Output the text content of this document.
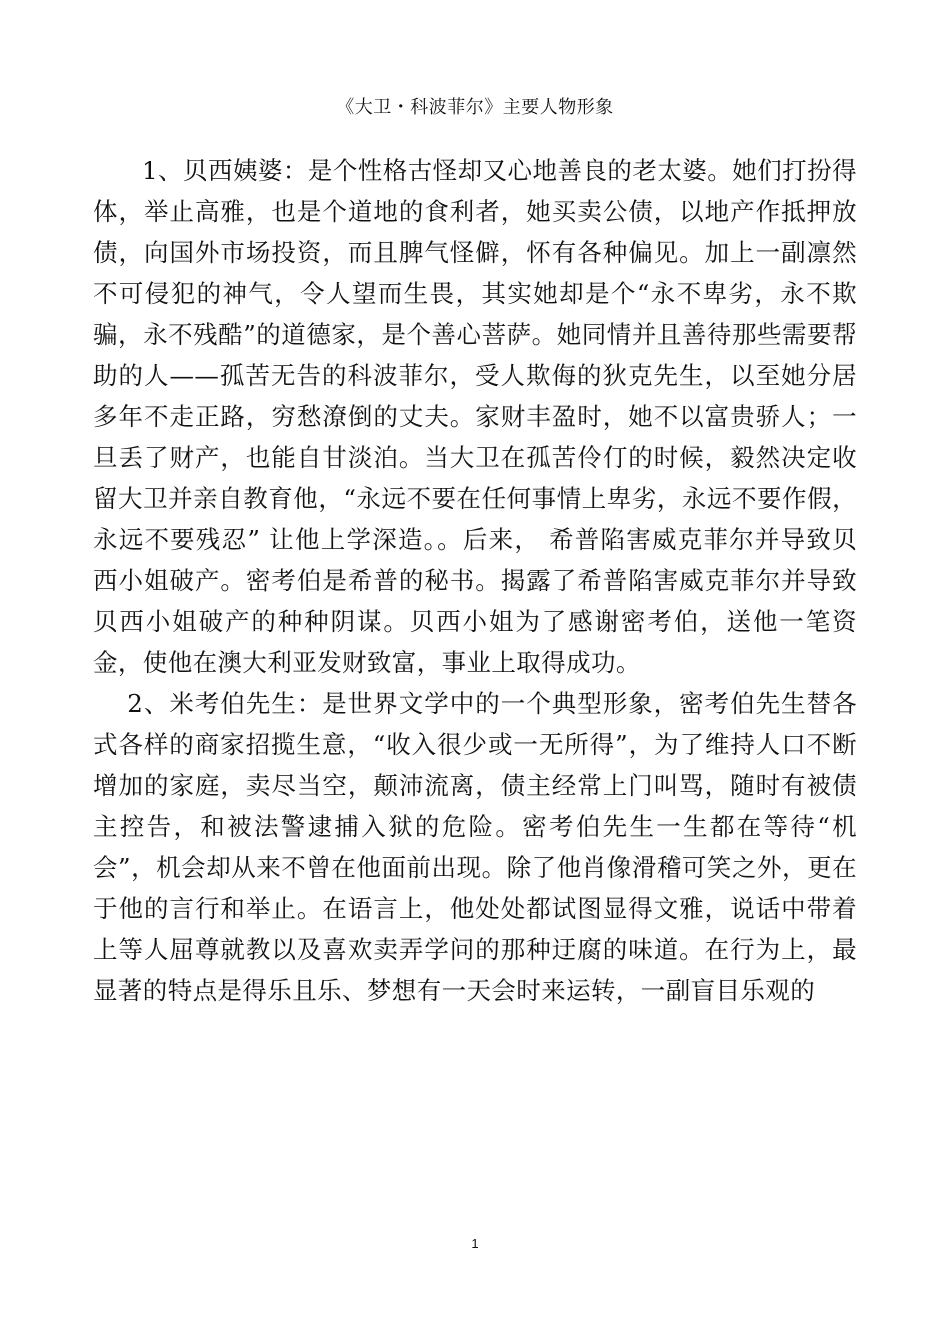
《大卫・科波菲尔》主要人物形象

1、贝西姨婆：是个性格古怪却又心地善良的老太婆。她们打扮得体，举止高雅，也是个道地的食利者，她买卖公债，以地产作抵押放债，向国外市场投资，而且脾气怪僻，怀有各种偏见。加上一副凛然不可侵犯的神气，令人望而生畏，其实她却是个“永不卑劣，永不欺骗，永不残酷”的道德家，是个善心菩萨。她同情并且善待那些需要帮助的人——孤苦无告的科波菲尔，受人欺侮的狄克先生，以至她分居多年不走正路，穷愁潦倒的丈夫。家财丰盈时，她不以富贵骄人；一旦丢了财产，也能自甘淡泊。当大卫在孤苦伶仃的时候，毅然决定收留大卫并亲自教育他，“永远不要在任何事情上卑劣，永远不要作假，永远不要残忍” 让他上学深造。。后来， 希普陷害威克菲尔并导致贝西小姐破产。密考伯是希普的秘书。揭露了希普陷害威克菲尔并导致贝西小姐破产的种种阴谋。贝西小姐为了感谢密考伯，送他一笔资金，使他在澳大利亚发财致富，事业上取得成功。

2、米考伯先生：是世界文学中的一个典型形象，密考伯先生替各式各样的商家招揽生意，“收入很少或一无所得”，为了维持人口不断增加的家庭，卖尽当空，颠沛流离，债主经常上门叫骂，随时有被债主控告，和被法警逮捕入狱的危险。密考伯先生一生都在等待“机会”，机会却从来不曾在他面前出现。除了他肖像滑稽可笑之外，更在于他的言行和举止。在语言上，他处处都试图显得文雅，说话中带着上等人屈尊就教以及喜欢卖弄学问的那种迂腐的味道。在行为上，最显著的特点是得乐且乐、梦想有一天会时来运转，一副盲目乐观的

1
